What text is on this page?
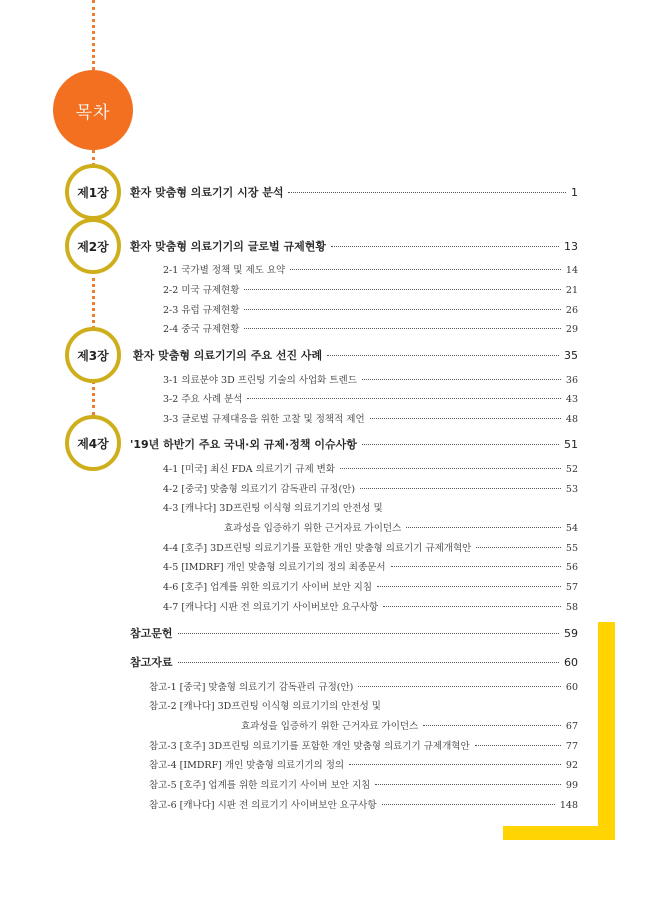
목차
제1장
제2장
제3장
제4장
환자 맞춤형 의료기기 시장 분석	1
환자 맞춤형 의료기기의 글로벌 규제현황	13
2-1 국가별 정책 및 제도 요약	14
2-2 미국 규제현황	21
2-3 유럽 규제현황	26
2-4 중국 규제현황	29
환자 맞춤형 의료기기의 주요 선진 사례	35
3-1 의료분야 3D 프린팅 기술의 사업화 트렌드	36
3-2 주요 사례 분석	43
3-3 글로벌 규제대응을 위한 고찰 및 정책적 제언	48
'19년 하반기 주요 국내·외 규제·정책 이슈사항	51
4-1 [미국] 최신 FDA 의료기기 규제 변화	52
4-2 [중국] 맞춤형 의료기기 감독관리 규정(안)	53
4-3 [캐나다] 3D프린팅 이식형 의료기기의 안전성 및
효과성을 입증하기 위한 근거자료 가이던스	54
4-4 [호주] 3D프린팅 의료기기를 포함한 개인 맞춤형 의료기기 규제개혁안	55
4-5 [IMDRF] 개인 맞춤형 의료기기의 정의 최종문서	56
4-6 [호주] 업계를 위한 의료기기 사이버 보안 지침	57
4-7 [캐나다] 시판 전 의료기기 사이버보안 요구사항	58
참고문헌	59
참고자료	60
참고-1 [중국] 맞춤형 의료기기 감독관리 규정(안)	60
참고-2 [캐나다] 3D프린팅 이식형 의료기기의 안전성 및
효과성을 입증하기 위한 근거자료 가이던스	67
참고-3 [호주] 3D프린팅 의료기기를 포함한 개인 맞춤형 의료기기 규제개혁안	77
참고-4 [IMDRF] 개인 맞춤형 의료기기의 정의	92
참고-5 [호주] 업계를 위한 의료기기 사이버 보안 지침	99
참고-6 [캐나다] 시판 전 의료기기 사이버보안 요구사항	148
